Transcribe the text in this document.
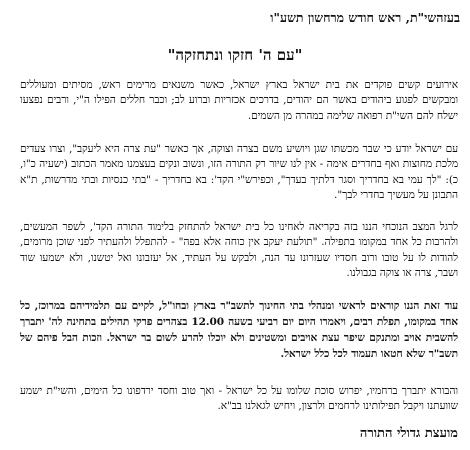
בעזהשי"ת, ראש חודש מרחשון תשע"ו
"עם ה' חזקו ונתחזקה"
אירועים קשים פוקדים את בית ישראל בארץ ישראל, כאשר משנאים מרימים ראש, מסיתים ומעוללים ומבקשים לפגוע ביהודים באשר הם יהודים, בדרכים אכזריות וברוע לב; וכבר חללים הפילו ה"י, ורבים נפצעו ישלח להם השי"ת רפואה שלימה במהרה מן השמים.
עם ישראל יודע כי שבר מכשתו שגן ויושיע משם בצרה וצוקה, אך כאשר "עת צרה היא ליעקב", וצרו צעדים מלכת מחוצות ואף בחדרים אימה - אין לנו שיור רק התורה הזו, ונשוב ונקים בעצמנו מאמר הכתוב (ישעיה כ"ו, כ): "לך עמי בא בחדריך וסגר דלתיך בעדך", וכפירש"י הקד': בא בחדריך - "בתי כנסיות ובתי מדרשות, ת"א התבונן על מעשיך בחדרי לבך".
לרגל המצב הנוכחי הננו בזה בקריאה לאחינו כל בית ישראל להתחזק בלימוד התורה הקד', לשפר המעשים, ולהרבות כל אחד במקומו בתפילה. "תולעת יעקב אין כוחה אלא בפה" - להתפלל ולהעתיר לפני שוכן מרומים, להודות לו על טובו ורוב חסדיו שעזרונו עד הנה, ולבקש על העתיד, אל יעזבונו ואל יטשנו, ולא ישמעו שוד ושבר, צרה או צוקה בגבולנו.
עוד זאת הננו קוראים לראשי ומנהלי בתי החינוך לתשב"ר בארץ ובחו"ל, לקיים עם תלמידיהם במרוכז, כל אחד במקומו, תפלת רבים, ויאמרו היום יום רביעי בשעה 12.00 בצהרים פרקי תהילים בתחינה לה' יתברך להשבית אויב ומתנקם שיפר עצת אויבים ומשטינים ולא יוכלו להרע לשום בר ישראל. וזכות הבל פיהם של תשב"ר שלא חטאו תעמוד לכל כלל ישראל.
והבורא יתברך ברחמיו, יפרוש סוכת שלומו על כל ישראל - ואך טוב וחסד ירדפונו כל הימים, והשי"ת ישמע שוועתנו ויקבל תפילותינו לרחמים ולרצון, ויחיש לגאלנו בב"א.
מועצת גדולי התורה
